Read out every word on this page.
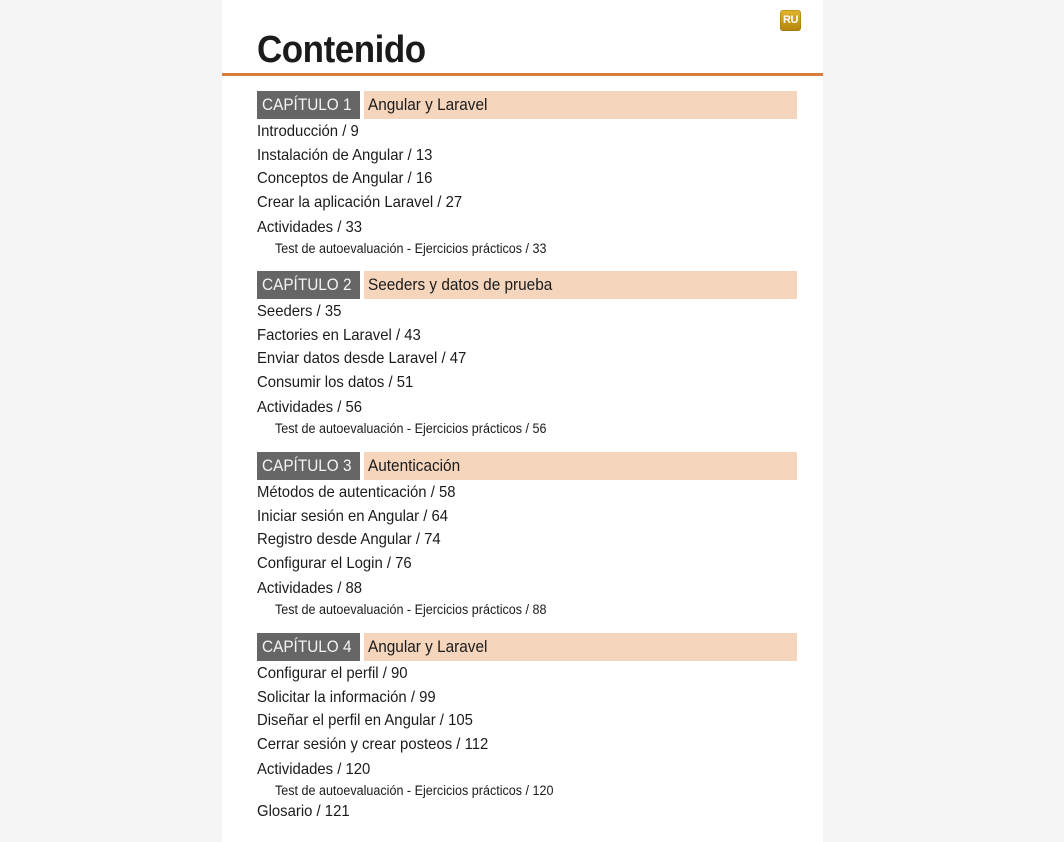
RU
Contenido
CAPÍTULO 1 Angular y Laravel
Introducción / 9
Instalación de Angular / 13
Conceptos de Angular / 16
Crear la aplicación Laravel / 27
Actividades / 33
Test de autoevaluación - Ejercicios prácticos / 33
CAPÍTULO 2 Seeders y datos de prueba
Seeders / 35
Factories en Laravel / 43
Enviar datos desde Laravel / 47
Consumir los datos / 51
Actividades / 56
Test de autoevaluación - Ejercicios prácticos / 56
CAPÍTULO 3 Autenticación
Métodos de autenticación / 58
Iniciar sesión en Angular / 64
Registro desde Angular / 74
Configurar el Login / 76
Actividades / 88
Test de autoevaluación - Ejercicios prácticos / 88
CAPÍTULO 4 Angular y Laravel
Configurar el perfil / 90
Solicitar la información / 99
Diseñar el perfil en Angular / 105
Cerrar sesión y crear posteos / 112
Actividades / 120
Test de autoevaluación - Ejercicios prácticos / 120
Glosario / 121
